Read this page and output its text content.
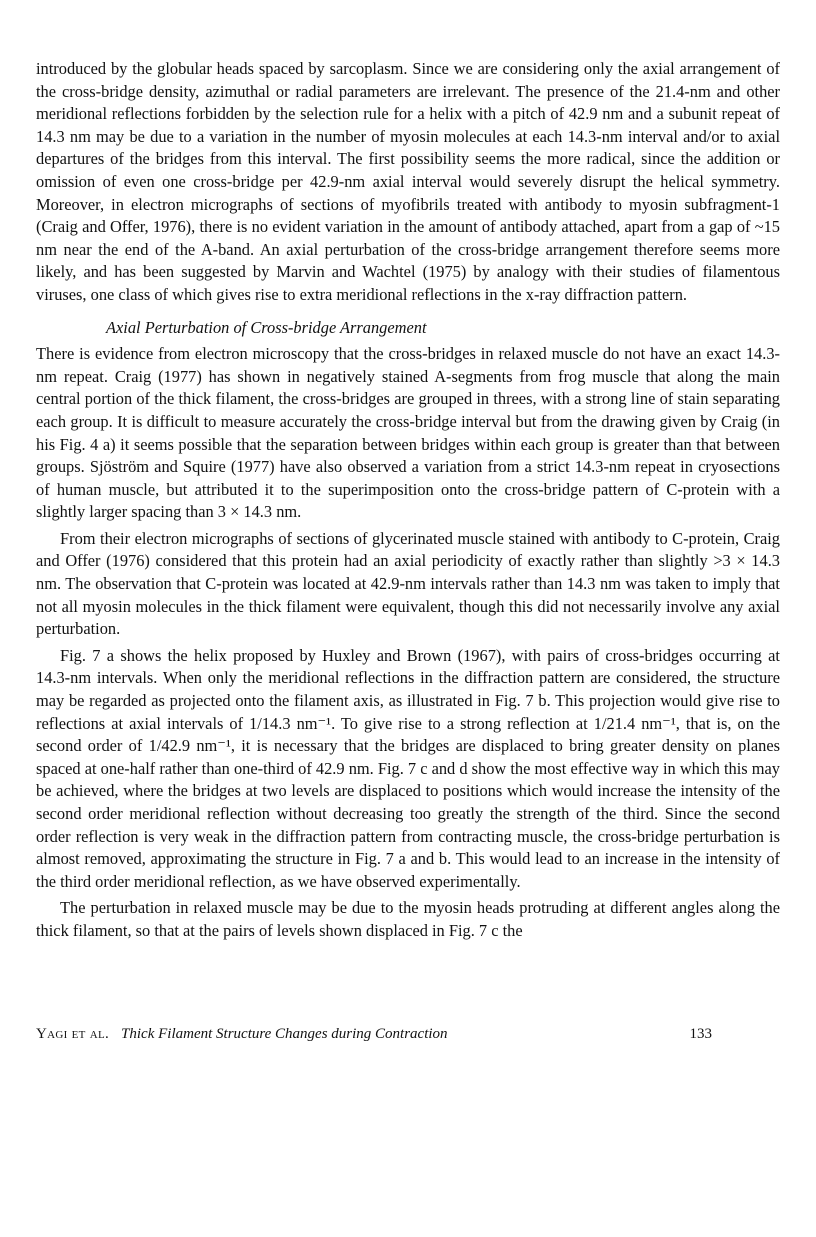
introduced by the globular heads spaced by sarcoplasm. Since we are considering only the axial arrangement of the cross-bridge density, azimuthal or radial parameters are irrelevant. The presence of the 21.4-nm and other meridional reflections forbidden by the selection rule for a helix with a pitch of 42.9 nm and a subunit repeat of 14.3 nm may be due to a variation in the number of myosin molecules at each 14.3-nm interval and/or to axial departures of the bridges from this interval. The first possibility seems the more radical, since the addition or omission of even one cross-bridge per 42.9-nm axial interval would severely disrupt the helical symmetry. Moreover, in electron micrographs of sections of myofibrils treated with antibody to myosin subfragment-1 (Craig and Offer, 1976), there is no evident variation in the amount of antibody attached, apart from a gap of ~15 nm near the end of the A-band. An axial perturbation of the cross-bridge arrangement therefore seems more likely, and has been suggested by Marvin and Wachtel (1975) by analogy with their studies of filamentous viruses, one class of which gives rise to extra meridional reflections in the x-ray diffraction pattern.

Axial Perturbation of Cross-bridge Arrangement

There is evidence from electron microscopy that the cross-bridges in relaxed muscle do not have an exact 14.3-nm repeat. Craig (1977) has shown in negatively stained A-segments from frog muscle that along the main central portion of the thick filament, the cross-bridges are grouped in threes, with a strong line of stain separating each group. It is difficult to measure accurately the cross-bridge interval but from the drawing given by Craig (in his Fig. 4 a) it seems possible that the separation between bridges within each group is greater than that between groups. Sjöström and Squire (1977) have also observed a variation from a strict 14.3-nm repeat in cryosections of human muscle, but attributed it to the superimposition onto the cross-bridge pattern of C-protein with a slightly larger spacing than 3 × 14.3 nm.

From their electron micrographs of sections of glycerinated muscle stained with antibody to C-protein, Craig and Offer (1976) considered that this protein had an axial periodicity of exactly rather than slightly >3 × 14.3 nm. The observation that C-protein was located at 42.9-nm intervals rather than 14.3 nm was taken to imply that not all myosin molecules in the thick filament were equivalent, though this did not necessarily involve any axial perturbation.

Fig. 7 a shows the helix proposed by Huxley and Brown (1967), with pairs of cross-bridges occurring at 14.3-nm intervals. When only the meridional reflections in the diffraction pattern are considered, the structure may be regarded as projected onto the filament axis, as illustrated in Fig. 7 b. This projection would give rise to reflections at axial intervals of 1/14.3 nm⁻¹. To give rise to a strong reflection at 1/21.4 nm⁻¹, that is, on the second order of 1/42.9 nm⁻¹, it is necessary that the bridges are displaced to bring greater density on planes spaced at one-half rather than one-third of 42.9 nm. Fig. 7 c and d show the most effective way in which this may be achieved, where the bridges at two levels are displaced to positions which would increase the intensity of the second order meridional reflection without decreasing too greatly the strength of the third. Since the second order reflection is very weak in the diffraction pattern from contracting muscle, the cross-bridge perturbation is almost removed, approximating the structure in Fig. 7 a and b. This would lead to an increase in the intensity of the third order meridional reflection, as we have observed experimentally.

The perturbation in relaxed muscle may be due to the myosin heads protruding at different angles along the thick filament, so that at the pairs of levels shown displaced in Fig. 7 c the

Yagi et al. Thick Filament Structure Changes during Contraction	133
